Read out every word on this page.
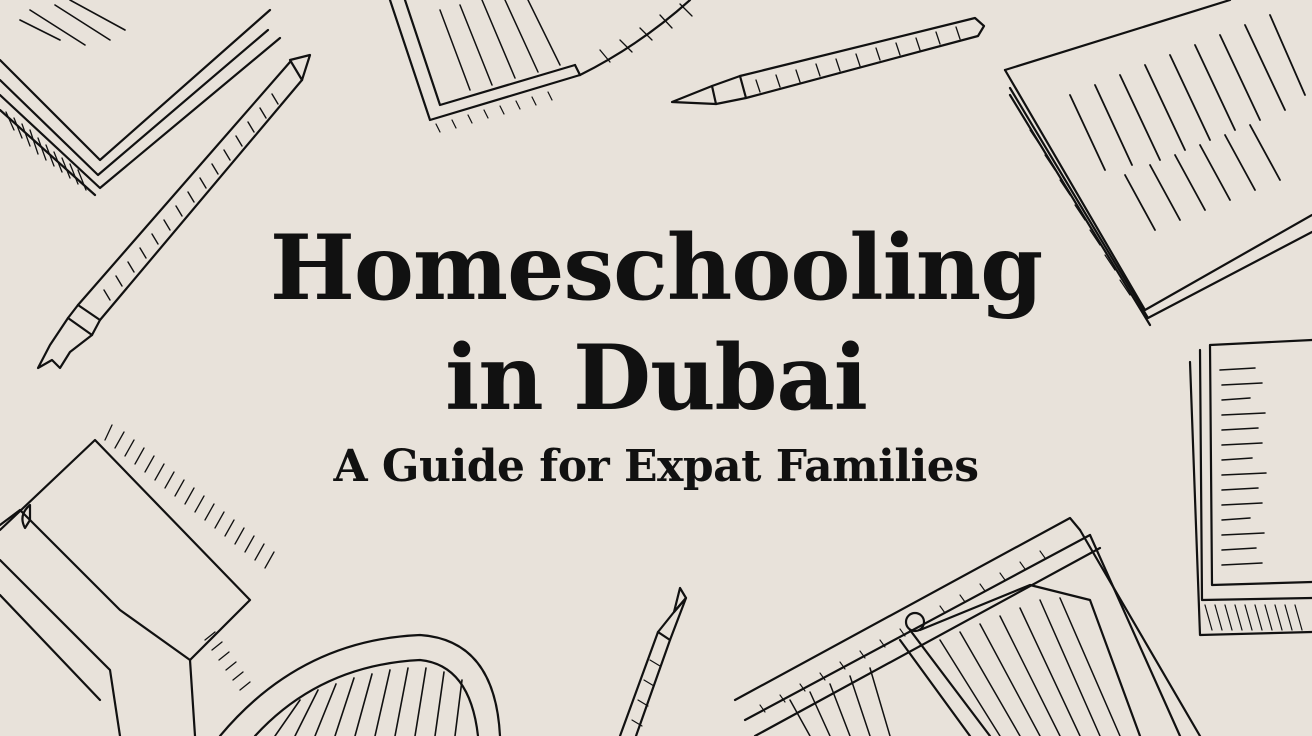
Homeschooling
in Dubai
A Guide for Expat Families
